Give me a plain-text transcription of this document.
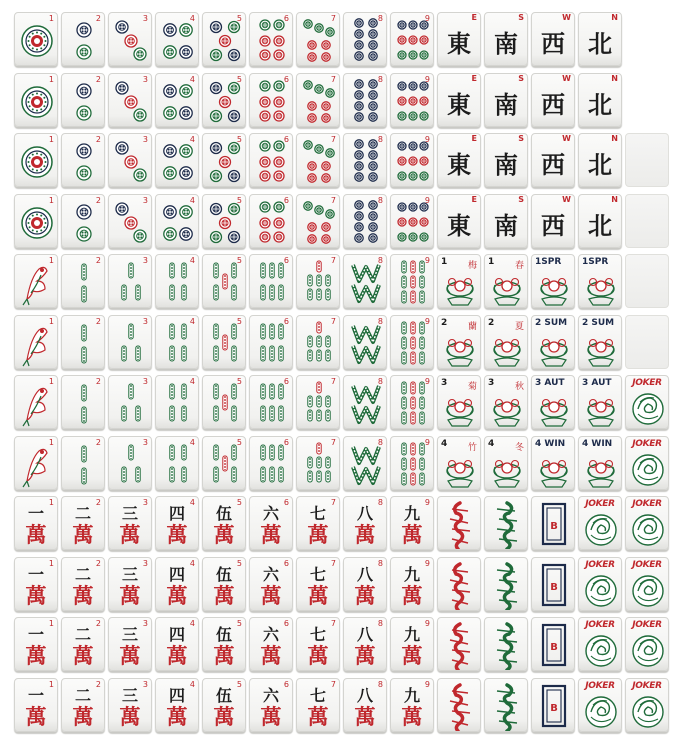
1	2	3	4	5	6	7	8	9	E
東
S
南
W
西
N
北
1	2	3	4	5	6	7	8	9	E
東
S
南
W
西
N
北
1	2	3	4	5	6	7	8	9	E
東
S
南
W
西
N
北
1	2	3	4	5	6	7	8	9	E
東
S
南
W
西
N
北
1	2	3	4	5	6	7	8	9 1 梅 1 春 1SPR 1SPR
1	2	3	4	5	6	7	8	9 2 蘭 2 夏 2 SUM 2 SUM
1	2	3	4	5	6	7	8	9 3 菊 3 秋 3 AUT 3 AUT	JOKER
1	2	3	4	5	6	7	8	9 4 竹 4 冬 4 WIN 4 WIN	JOKER
1
一
萬
2
二
萬
3
三
萬
4
四
萬
5
伍
萬
6
六
萬
7
七
萬
8
八
萬
9
九
萬	B
JOKER	JOKER
1
一
萬
2
二
萬
3
三
萬
4
四
萬
5
伍
萬
6
六
萬
7
七
萬
8
八
萬
9
九
萬	B
JOKER	JOKER
1
一
萬
2
二
萬
3
三
萬
4
四
萬
5
伍
萬
6
六
萬
7
七
萬
8
八
萬
9
九
萬	B
JOKER	JOKER
1
一
萬
2
二
萬
3
三
萬
4
四
萬
5
伍
萬
6
六
萬
7
七
萬
8
八
萬
9
九
萬	B
JOKER	JOKER
